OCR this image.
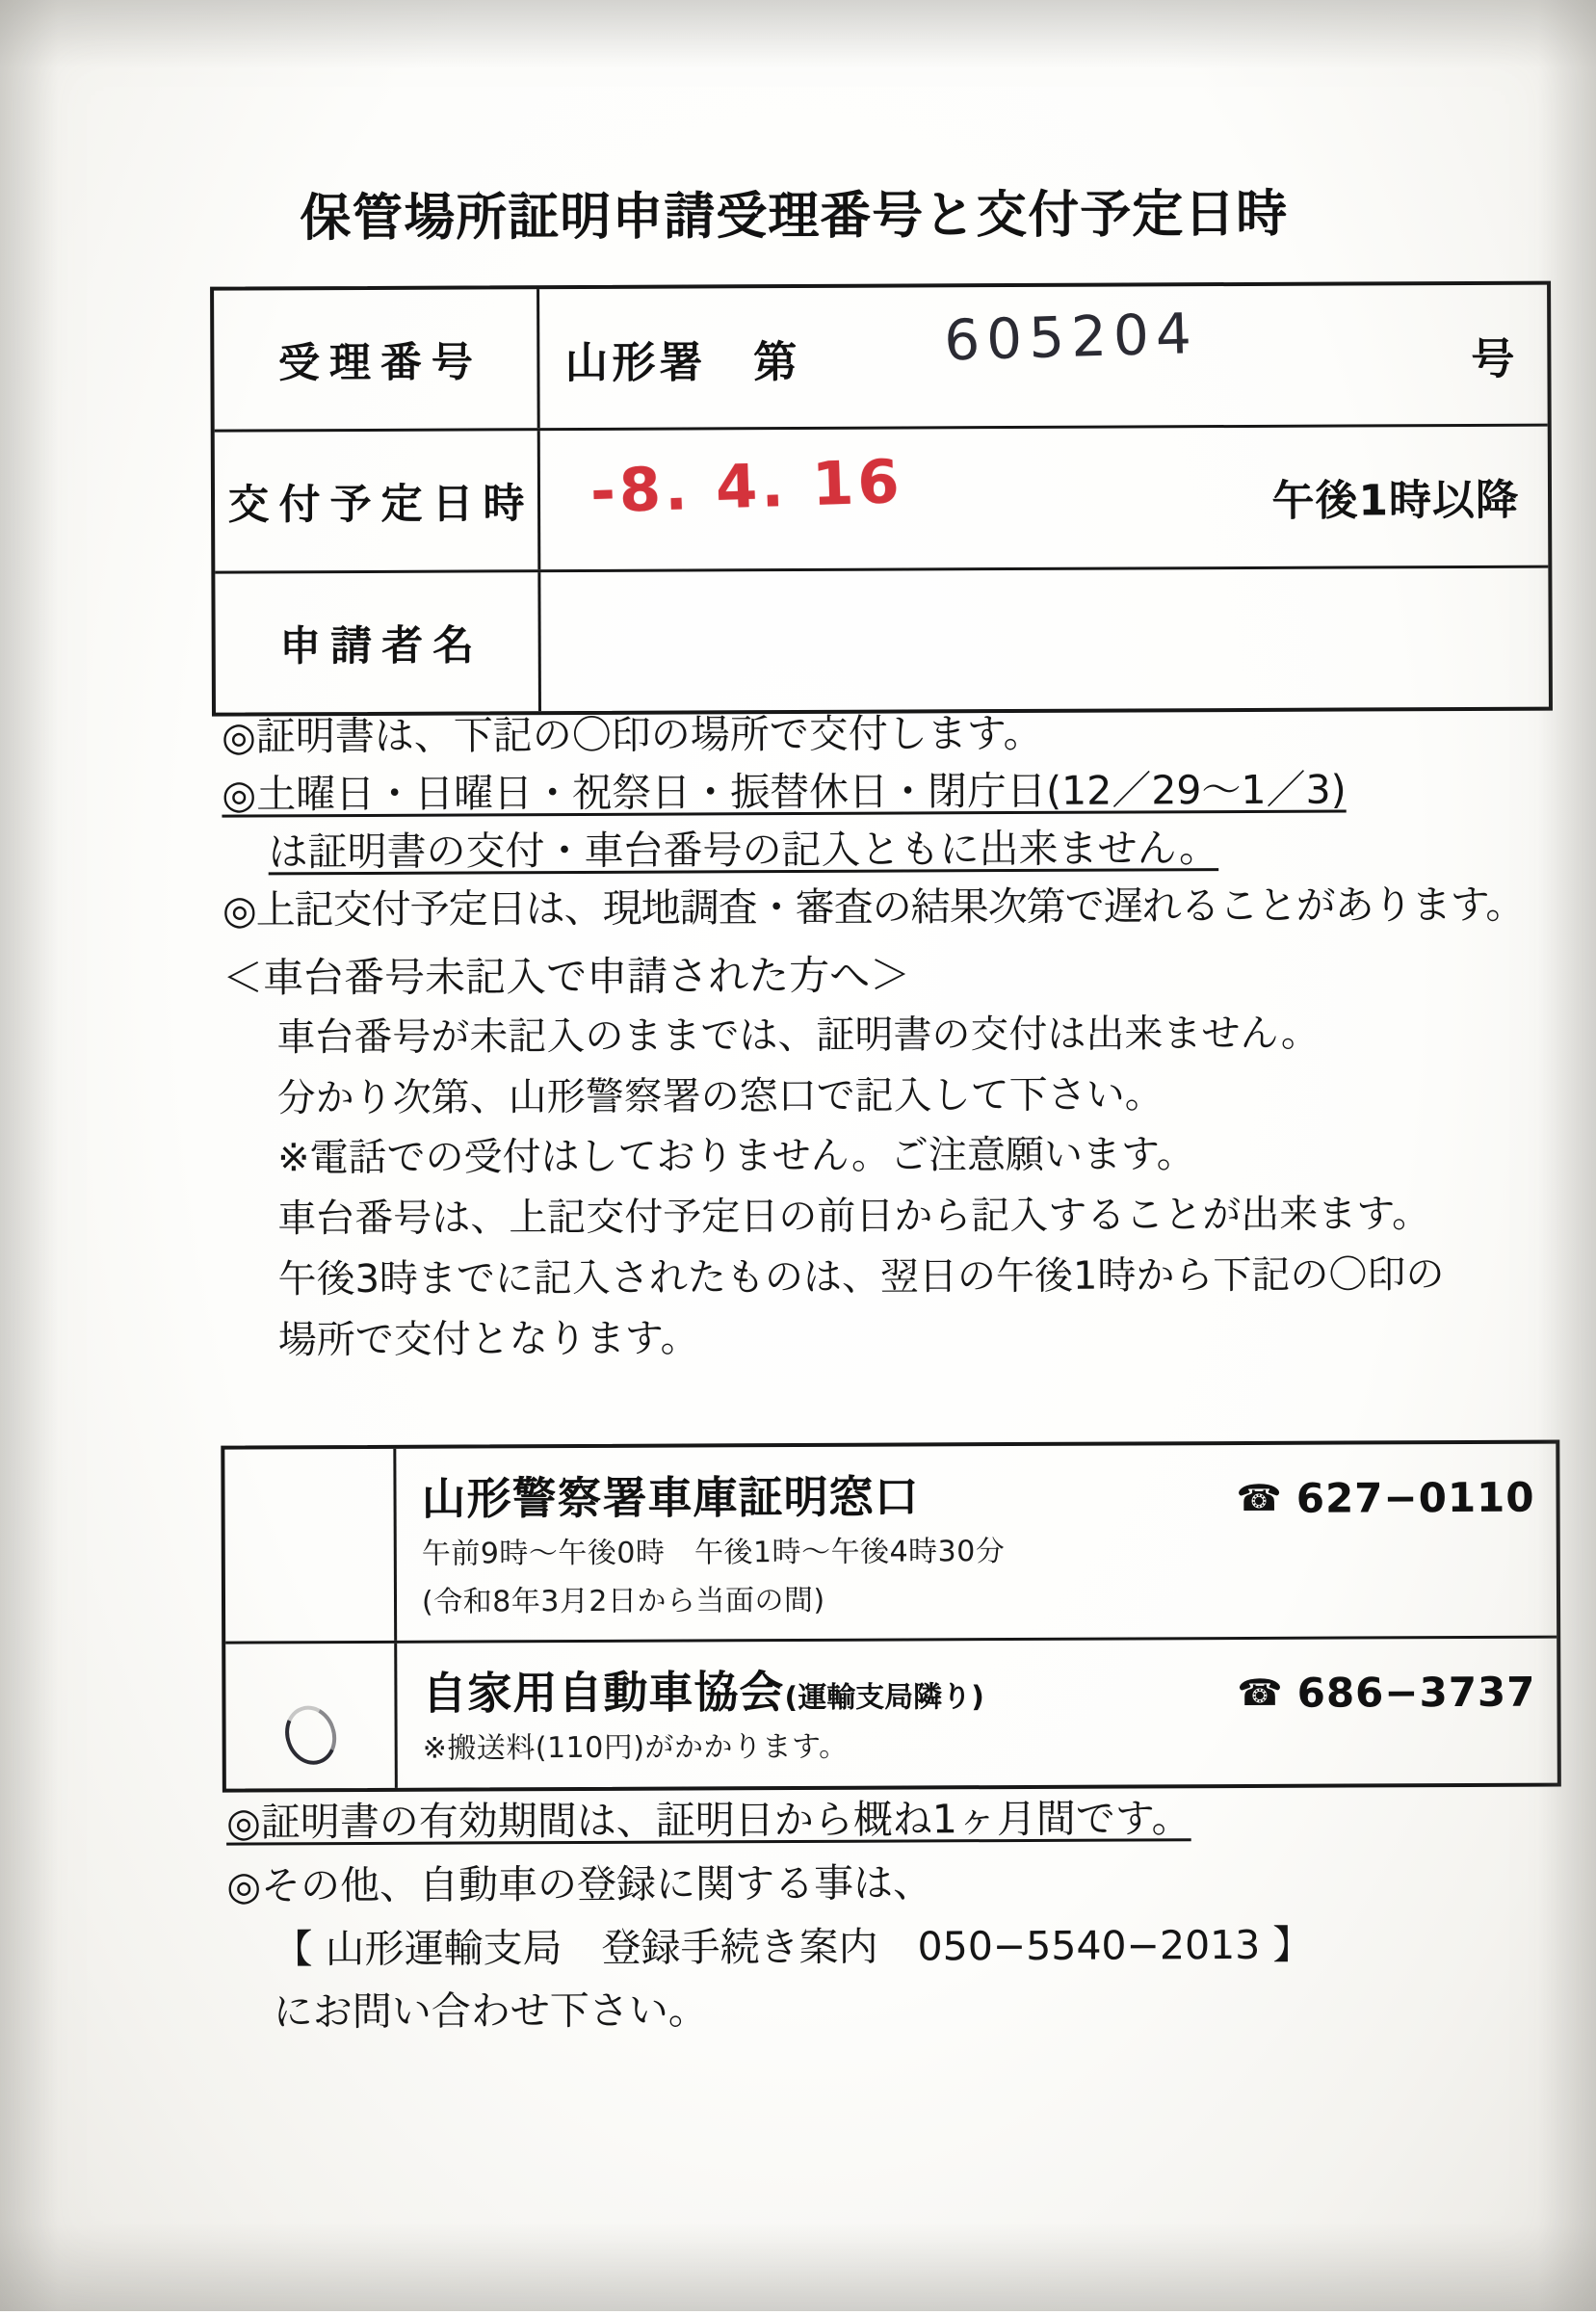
保管場所証明申請受理番号と交付予定日時
受理番号	山形署　第	605204	号
交付予定日時 -8. 4. 16	午後1時以降
申請者名
◎証明書は、下記の〇印の場所で交付します。
◎土曜日・日曜日・祝祭日・振替休日・閉庁日(12／29〜1／3)
は証明書の交付・車台番号の記入ともに出来ません。
◎上記交付予定日は、現地調査・審査の結果次第で遅れることがあります。
＜車台番号未記入で申請された方へ＞
車台番号が未記入のままでは、証明書の交付は出来ません。
分かり次第、山形警察署の窓口で記入して下さい。
※電話での受付はしておりません。ご注意願います。
車台番号は、上記交付予定日の前日から記入することが出来ます。
午後3時までに記入されたものは、翌日の午後1時から下記の〇印の
場所で交付となります。
山形警察署車庫証明窓口	☎ 627−0110
午前9時〜午後0時　午後1時〜午後4時30分
(令和8年3月2日から当面の間)
自家用自動車協会 (運輸支局隣り)	☎ 686−3737
※搬送料(110円)がかかります。
◎証明書の有効期間は、証明日から概ね1ヶ月間です。
◎その他、自動車の登録に関する事は、
【 山形運輸支局　登録手続き案内　050−5540−2013 】
にお問い合わせ下さい。
